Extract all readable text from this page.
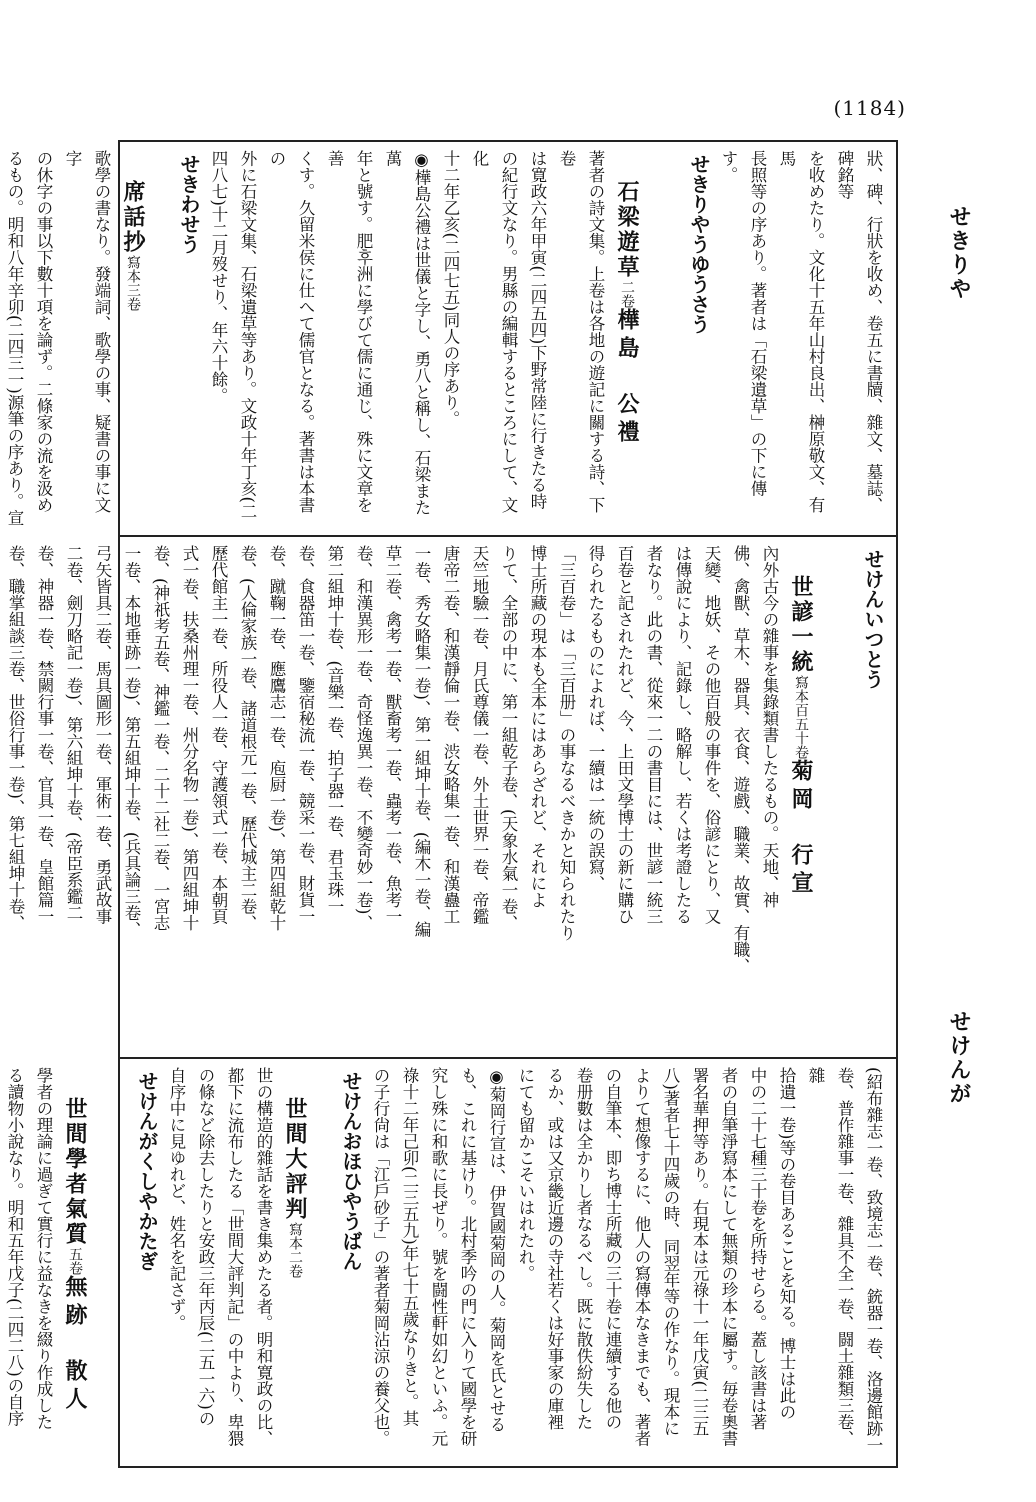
(1184)
せきりや
せけんが
狀、碑、行狀を收め、卷五に書牘、雜文、墓誌、碑銘等
を收めたり。文化十五年山村良出、榊原敬文、有馬
長照等の序あり。著者は「石梁遺草」の下に傳す。
せきりやうゆうさう
石梁遊草二卷樺島　公禮
著者の詩文集。上卷は各地の遊記に關する詩、下卷
は寛政六年甲寅(二四五四)下野常陸に行きたる時
の紀行文なり。男縣の編輯するところにして、文化
十二年乙亥(二四七五)同人の序あり。
◉樺島公禮は世儀と字し、勇八と稱し、石梁また萬
年と號す。肥후洲に學びて儒に通じ、殊に文章を善
くす。久留米侯に仕へて儒官となる。著書は本書の
外に石梁文集、石梁遺草等あり。文政十年丁亥(二
四八七)十二月歿せり、年六十餘。
せきわせう
席話抄寫本三卷
歌學の書なり。發端詞、歌學の事、疑書の事に文字
の休字の事以下數十項を論ず。二條家の流を汲め
るもの。明和八年辛卯(二四三一)源筆の序あり。宣
せけんいつとう
世諺一統寫本百五十卷菊岡　行宣
內外古今の雜事を集錄類書したるもの。天地、神
佛、禽獸、草木、器具、衣食、遊戲、職業、故實、有職、
天變、地妖、その他百般の事件を、俗諺にとり、又
は傳說により、記錄し、略解し、若くは考證したる
者なり。此の書、從來一二の書目には、世諺一統三
百卷と記されたれど、今、上田文學博士の新に購ひ
得られたるものによれば、一續は一統の誤寫、
「三百卷」は「三百册」の事なるべきかと知られたり
博士所藏の現本も全本にはあらざれど、それによ
りて、全部の中に、第一組乾子卷、(天象水氣一卷、
天竺地驗一卷、月氏尊儀一卷、外土世界一卷、帝鑑
唐帝二卷、和漢靜倫一卷、渋女略集一卷、和漢蠱工
一卷、秀女略集一卷)、第一組坤十卷、(編木一卷、編
草二卷、禽考一卷、獸畜考一卷、蟲考一卷、魚考一
卷、和漢異形一卷、奇怪逸異一卷、不變奇妙一卷)、
第二組坤十卷、(音樂一卷、拍子器一卷、君玉珠一
卷、食器笛一卷、鑒宿秘流一卷、競采一卷、財貨一
卷、蹴鞠一卷、應鷹志一卷、庖厨一卷)、第四組乾十
卷、(人倫家族一卷、諸道根元一卷、歷代城主二卷、
歷代館主一卷、所役人一卷、守護領式一卷、本朝頁
式一卷、扶桑州理一卷、州分名物一卷)、第四組坤十
卷、(神祇考五卷、神鑑一卷、二十二社二卷、一宮志
一卷、本地垂跡一卷)、第五組坤十卷、(兵具論三卷、
弓矢皆具二卷、馬具圖形一卷、軍術一卷、勇武故事
二卷、劍刀略記一卷)、第六組坤十卷、(帝臣系鑑二
卷、神器一卷、禁闕行事一卷、官具一卷、皇館篇一
卷、職掌組談三卷、世俗行事一卷)、第七組坤十卷、
(紹布雜志一卷、致境志一卷、銃器一卷、洛邊館跡一
卷、普作雜事一卷、雜具不全一卷、闘土雜類三卷、雜
拾遺一卷)等の卷目あることを知る。博士は此の
中の二十七種三十卷を所持せらる。蓋し該書は著
者の自筆淨寫本にして無類の珍本に屬す。毎卷奧書
署名華押等あり。右現本は元祿十一年戊寅(二三五
八)著者七十四歲の時、同翌年等の作なり。現本に
よりて想像するに、他人の寫傳本なきまでも、著者
の自筆本、即ち博士所藏の三十卷に連續する他の
卷册數は全かりし者なるべし。既に散佚紛失した
るか、或は又京畿近邊の寺社若くは好事家の庫裡
にても留かこそいはれたれ。
◉菊岡行宣は、伊賀國菊岡の人。菊岡を氏とせる
も、これに基けり。北村季吟の門に入りて國學を研
究し殊に和歌に長ぜり。號を闘性軒如幻といふ。元
祿十二年己卯(二三五九)年七十五歲なりきと。其
の子行尙は「江戶砂子」の著者菊岡沾涼の養父也。
せけんおほひやうばん
世間大評判寫本二卷
世の構造的雜話を書き集めたる者。明和寛政の比、
都下に流布したる「世間大評判記」の中より、卑猥
の條など除去したりと安政三年丙辰(二五一六)の
自序中に見ゆれど、姓名を記さず。
せけんがくしやかたぎ
世間學者氣質五卷無跡　散人
學者の理論に過ぎて實行に益なきを綴り作成した
る讀物小說なり。明和五年戊子(二四二八)の自序
